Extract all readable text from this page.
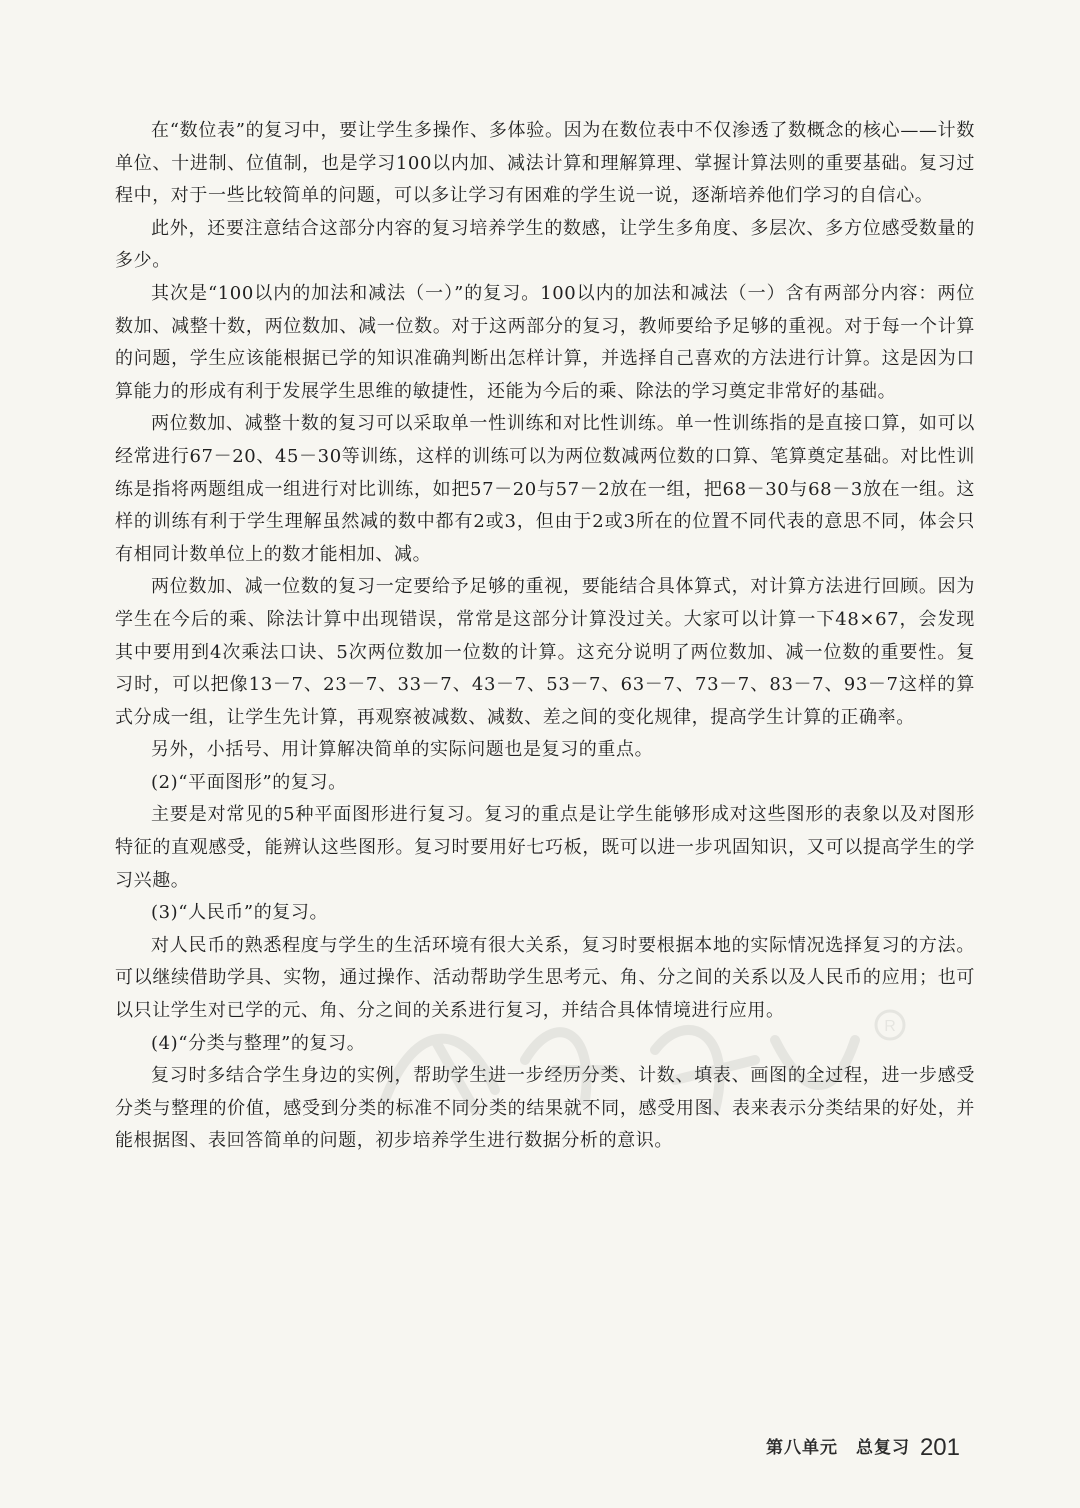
在“数位表”的复习中，要让学生多操作、多体验。因为在数位表中不仅渗透了数概念的核心——计数单位、十进制、位值制，也是学习100以内加、减法计算和理解算理、掌握计算法则的重要基础。复习过程中，对于一些比较简单的问题，可以多让学习有困难的学生说一说，逐渐培养他们学习的自信心。

此外，还要注意结合这部分内容的复习培养学生的数感，让学生多角度、多层次、多方位感受数量的多少。

其次是“100以内的加法和减法（一）”的复习。100以内的加法和减法（一）含有两部分内容：两位数加、减整十数，两位数加、减一位数。对于这两部分的复习，教师要给予足够的重视。对于每一个计算的问题，学生应该能根据已学的知识准确判断出怎样计算，并选择自己喜欢的方法进行计算。这是因为口算能力的形成有利于发展学生思维的敏捷性，还能为今后的乘、除法的学习奠定非常好的基础。

两位数加、减整十数的复习可以采取单一性训练和对比性训练。单一性训练指的是直接口算，如可以经常进行67－20、45－30等训练，这样的训练可以为两位数减两位数的口算、笔算奠定基础。对比性训练是指将两题组成一组进行对比训练，如把57－20与57－2放在一组，把68－30与68－3放在一组。这样的训练有利于学生理解虽然减的数中都有2或3，但由于2或3所在的位置不同代表的意思不同，体会只有相同计数单位上的数才能相加、减。

两位数加、减一位数的复习一定要给予足够的重视，要能结合具体算式，对计算方法进行回顾。因为学生在今后的乘、除法计算中出现错误，常常是这部分计算没过关。大家可以计算一下48×67，会发现其中要用到4次乘法口诀、5次两位数加一位数的计算。这充分说明了两位数加、减一位数的重要性。复习时，可以把像13－7、23－7、33－7、43－7、53－7、63－7、73－7、83－7、93－7这样的算式分成一组，让学生先计算，再观察被减数、减数、差之间的变化规律，提高学生计算的正确率。

另外，小括号、用计算解决简单的实际问题也是复习的重点。

(2)“平面图形”的复习。

主要是对常见的5种平面图形进行复习。复习的重点是让学生能够形成对这些图形的表象以及对图形特征的直观感受，能辨认这些图形。复习时要用好七巧板，既可以进一步巩固知识，又可以提高学生的学习兴趣。

(3)“人民币”的复习。

对人民币的熟悉程度与学生的生活环境有很大关系，复习时要根据本地的实际情况选择复习的方法。可以继续借助学具、实物，通过操作、活动帮助学生思考元、角、分之间的关系以及人民币的应用；也可以只让学生对已学的元、角、分之间的关系进行复习，并结合具体情境进行应用。

(4)“分类与整理”的复习。

复习时多结合学生身边的实例，帮助学生进一步经历分类、计数、填表、画图的全过程，进一步感受分类与整理的价值，感受到分类的标准不同分类的结果就不同，感受用图、表来表示分类结果的好处，并能根据图、表回答简单的问题，初步培养学生进行数据分析的意识。

R
第八单元 总复习 201
